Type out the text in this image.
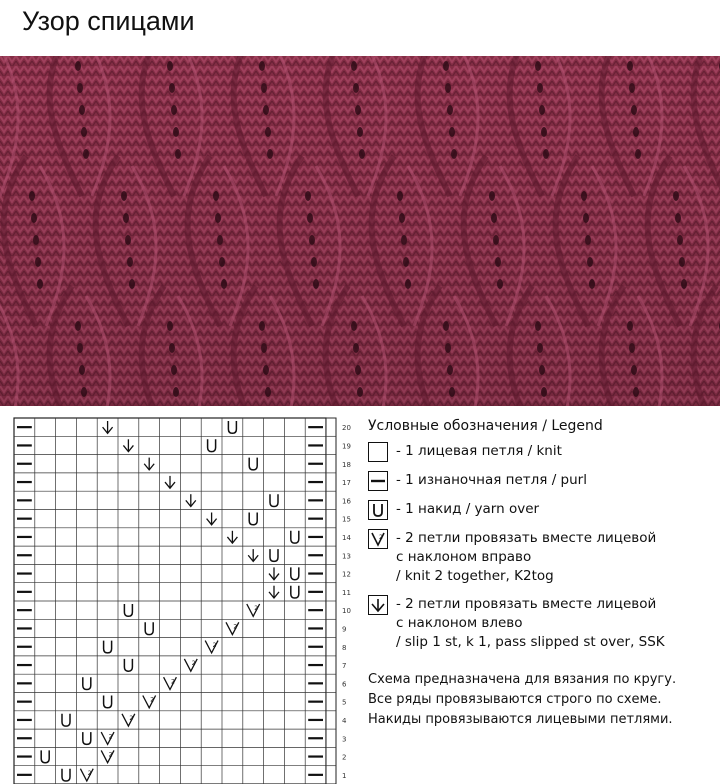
Узор спицами
2
2
2
2
2
2
2
2
2
2
20
19
18
17
16
15
14
13
12
11
10
9
8
7
6
5
4
3
2
1
Условные обозначения / Legend
- 1 лицевая петля / knit
- 1 изнаночная петля / purl
- 1 накид / yarn over
2 - 2 петли провязать вместе лицевой
с наклоном вправо
/ knit 2 together, K2tog
- 2 петли провязать вместе лицевой
с наклоном влево
/ slip 1 st, k 1, pass slipped st over, SSK
Схема предназначена для вязания по кругу.
Все ряды провязываются строго по схеме.
Накиды провязываются лицевыми петлями.
